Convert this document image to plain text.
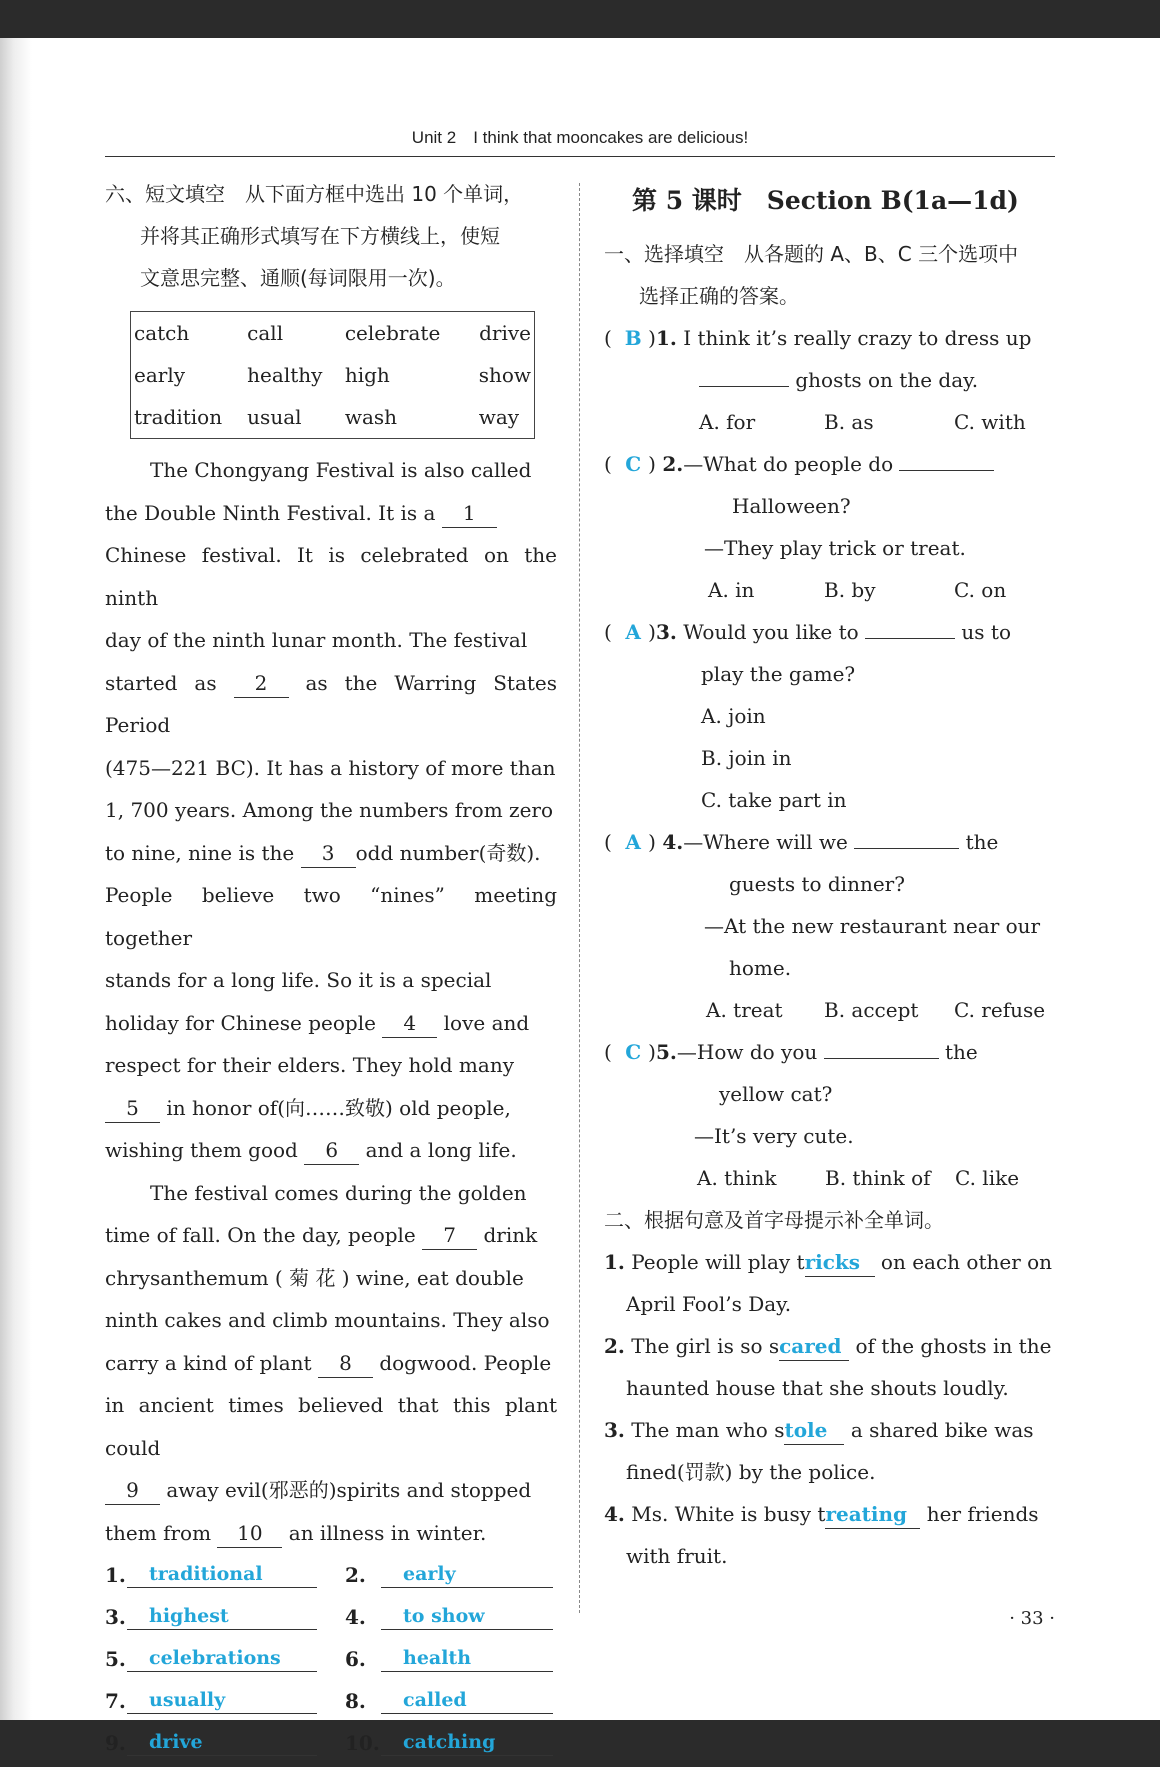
Unit 2 I think that mooncakes are delicious!
六、短文填空　从下面方框中选出 10 个单词，
并将其正确形式填写在下方横线上，使短
文意思完整、通顺(每词限用一次)。
catch	call	celebrate	drive
early	healthy	high	show
tradition	usual	wash	way
The Chongyang Festival is also called
the Double Ninth Festival. It is a 1
Chinese festival. It is celebrated on the ninth
day of the ninth lunar month. The festival
started as 2 as the Warring States Period
(475—221 BC). It has a history of more than
1, 700 years. Among the numbers from zero
to nine, nine is the 3 odd number(奇数).
People believe two “nines” meeting together
stands for a long life. So it is a special
holiday for Chinese people 4 love and
respect for their elders. They hold many
5 in honor of(向……致敬) old people,
wishing them good 6 and a long life.
The festival comes during the golden
time of fall. On the day, people 7 drink
chrysanthemum ( 菊 花 ) wine, eat double
ninth cakes and climb mountains. They also
carry a kind of plant 8 dogwood. People
in ancient times believed that this plant could
9 away evil(邪恶的)spirits and stopped
them from 10 an illness in winter.
1.	traditional	2.	early
3.	highest	4.	to show
5.	celebrations	6.	health
7.	usually	8.	called
9.	drive	10.	catching
第 5 课时　Section B(1a—1d)
一、选择填空　从各题的 A、B、C 三个选项中
选择正确的答案。
( B )1. I think it’s really crazy to dress up
ghosts on the day.
A. for	B. as	C. with
( C ) 2.—What do people do
Halloween?
—They play trick or treat.
A. in	B. by	C. on
( A )3. Would you like to	us to
play the game?
A. join
B. join in
C. take part in
( A ) 4.—Where will we	the
guests to dinner?
—At the new restaurant near our
home.
A. treat	B. accept	C. refuse
( C )5.—How do you	the
yellow cat?
—It’s very cute.
A. think	B. think of	C. like
二、根据句意及首字母提示补全单词。
1. People will play tricks on each other on
April Fool’s Day.
2. The girl is so scared of the ghosts in the
haunted house that she shouts loudly.
3. The man who stole a shared bike was
fined(罚款) by the police.
4. Ms. White is busy treating her friends
with fruit.
· 33 ·
